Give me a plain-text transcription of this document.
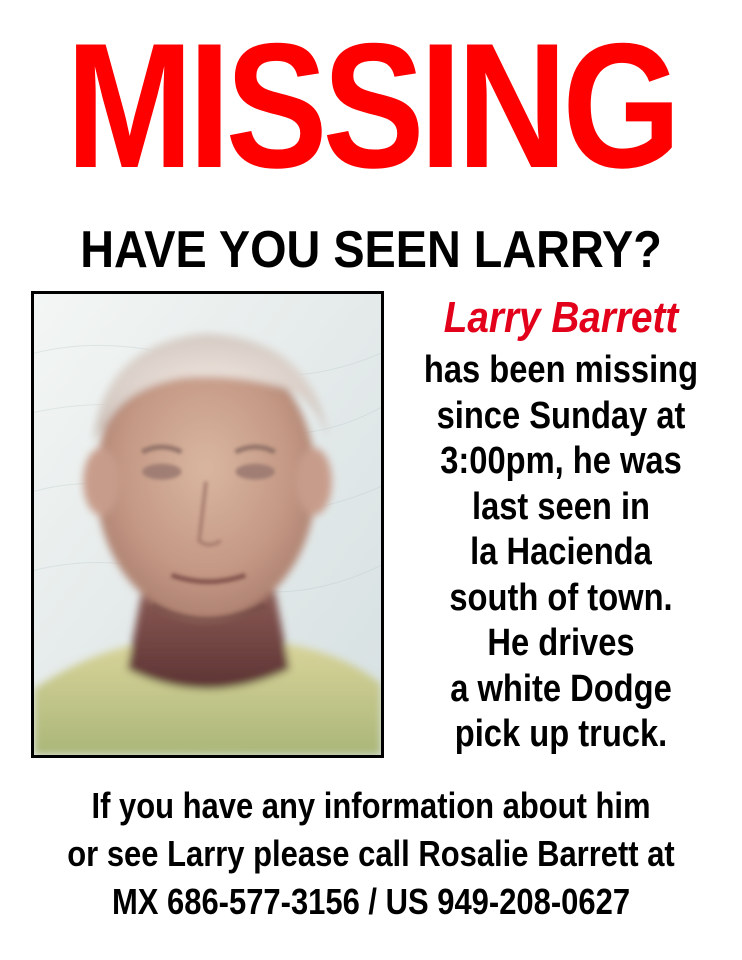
MISSING
HAVE YOU SEEN LARRY?
Larry Barrett
has been missing
since Sunday at
3:00pm, he was
last seen in
la Hacienda
south of town.
He drives
a white Dodge
pick up truck.
If you have any information about him
or see Larry please call Rosalie Barrett at
MX 686-577-3156 / US 949-208-0627
